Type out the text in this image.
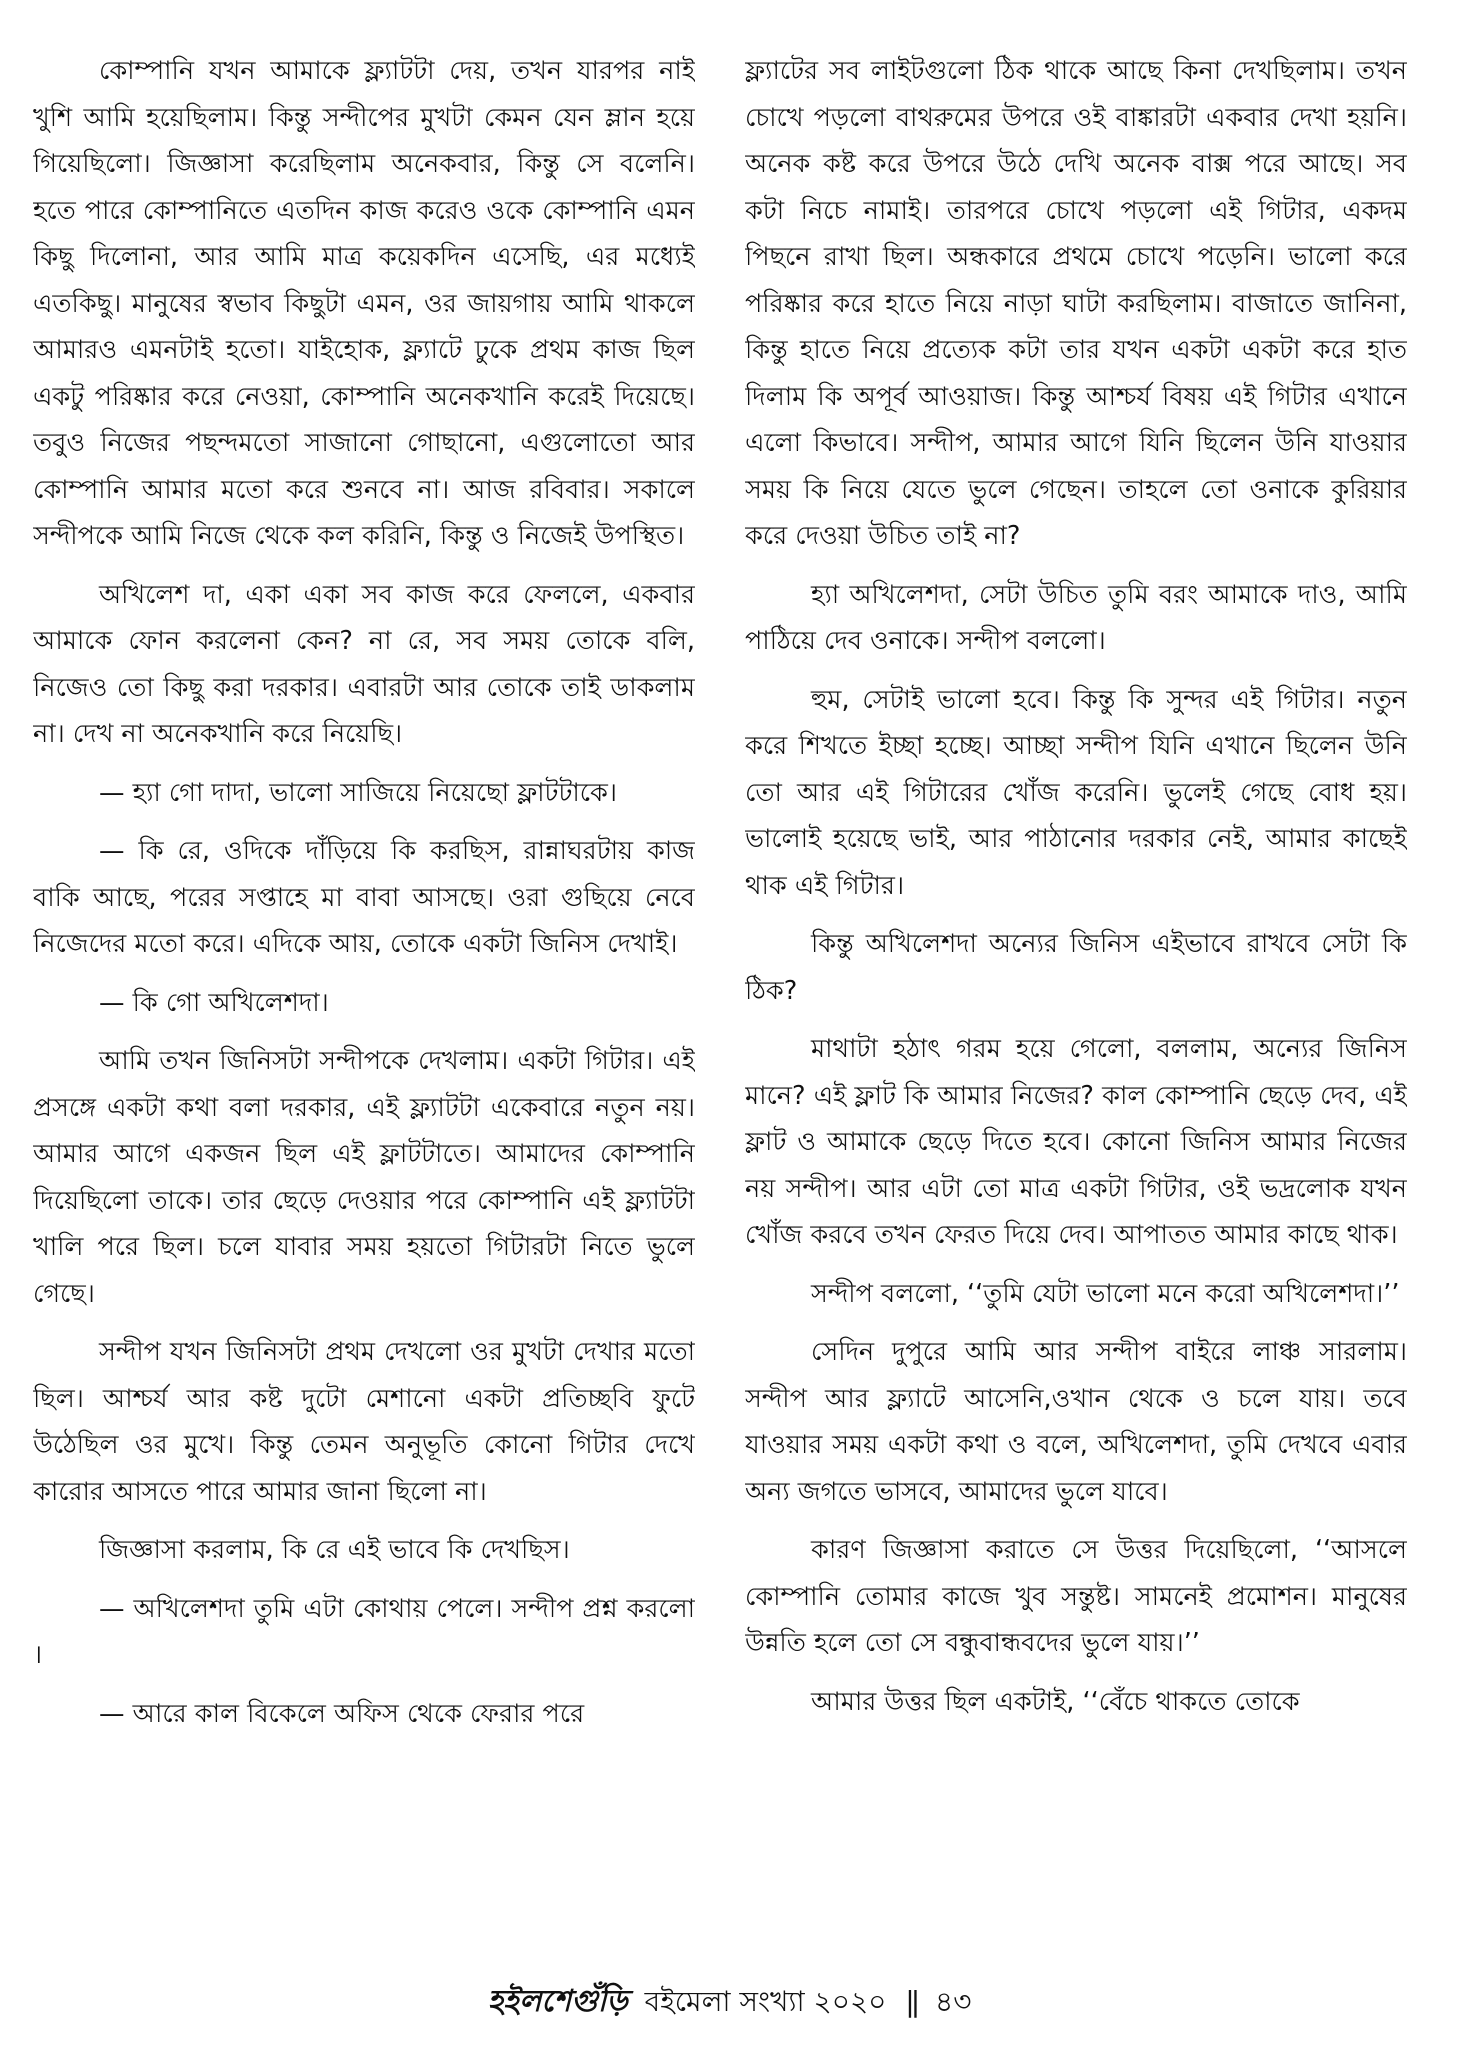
কোম্পানি যখন আমাকে ফ্ল্যাটটা দেয়, তখন যারপর নাই খুশি আমি হয়েছিলাম। কিন্তু সন্দীপের মুখটা কেমন যেন ম্লান হয়ে গিয়েছিলো। জিজ্ঞাসা করেছিলাম অনেকবার, কিন্তু সে বলেনি। হতে পারে কোম্পানিতে এতদিন কাজ করেও ওকে কোম্পানি এমন কিছু দিলোনা, আর আমি মাত্র কয়েকদিন এসেছি, এর মধ্যেই এতকিছু। মানুষের স্বভাব কিছুটা এমন, ওর জায়গায় আমি থাকলে আমারও এমনটাই হতো। যাইহোক, ফ্ল্যাটে ঢুকে প্রথম কাজ ছিল একটু পরিষ্কার করে নেওয়া, কোম্পানি অনেকখানি করেই দিয়েছে। তবুও নিজের পছন্দমতো সাজানো গোছানো, এগুলোতো আর কোম্পানি আমার মতো করে শুনবে না। আজ রবিবার। সকালে সন্দীপকে আমি নিজে থেকে কল করিনি, কিন্তু ও নিজেই উপস্থিত।

অখিলেশ দা, একা একা সব কাজ করে ফেললে, একবার আমাকে ফোন করলেনা কেন? না রে, সব সময় তোকে বলি, নিজেও তো কিছু করা দরকার। এবারটা আর তোকে তাই ডাকলাম না। দেখ না অনেকখানি করে নিয়েছি।

— হ্যা গো দাদা, ভালো সাজিয়ে নিয়েছো ফ্লাটটাকে।

— কি রে, ওদিকে দাঁড়িয়ে কি করছিস, রান্নাঘরটায় কাজ বাকি আছে, পরের সপ্তাহে মা বাবা আসছে। ওরা গুছিয়ে নেবে নিজেদের মতো করে। এদিকে আয়, তোকে একটা জিনিস দেখাই।

— কি গো অখিলেশদা।

আমি তখন জিনিসটা সন্দীপকে দেখলাম। একটা গিটার। এই প্রসঙ্গে একটা কথা বলা দরকার, এই ফ্ল্যাটটা একেবারে নতুন নয়। আমার আগে একজন ছিল এই ফ্লাটটাতে। আমাদের কোম্পানি দিয়েছিলো তাকে। তার ছেড়ে দেওয়ার পরে কোম্পানি এই ফ্ল্যাটটা খালি পরে ছিল। চলে যাবার সময় হয়তো গিটারটা নিতে ভুলে গেছে।

সন্দীপ যখন জিনিসটা প্রথম দেখলো ওর মুখটা দেখার মতো ছিল। আশ্চর্য আর কষ্ট দুটো মেশানো একটা প্রতিচ্ছবি ফুটে উঠেছিল ওর মুখে। কিন্তু তেমন অনুভূতি কোনো গিটার দেখে কারোর আসতে পারে আমার জানা ছিলো না।

জিজ্ঞাসা করলাম, কি রে এই ভাবে কি দেখছিস।

— অখিলেশদা তুমি এটা কোথায় পেলে। সন্দীপ প্রশ্ন করলো ।

— আরে কাল বিকেলে অফিস থেকে ফেরার পরে

ফ্ল্যাটের সব লাইটগুলো ঠিক থাকে আছে কিনা দেখছিলাম। তখন চোখে পড়লো বাথরুমের উপরে ওই বাঙ্কারটা একবার দেখা হয়নি। অনেক কষ্ট করে উপরে উঠে দেখি অনেক বাক্স পরে আছে। সব কটা নিচে নামাই। তারপরে চোখে পড়লো এই গিটার, একদম পিছনে রাখা ছিল। অন্ধকারে প্রথমে চোখে পড়েনি। ভালো করে পরিষ্কার করে হাতে নিয়ে নাড়া ঘাটা করছিলাম। বাজাতে জানিনা, কিন্তু হাতে নিয়ে প্রত্যেক কটা তার যখন একটা একটা করে হাত দিলাম কি অপূর্ব আওয়াজ। কিন্তু আশ্চর্য বিষয় এই গিটার এখানে এলো কিভাবে। সন্দীপ, আমার আগে যিনি ছিলেন উনি যাওয়ার সময় কি নিয়ে যেতে ভুলে গেছেন। তাহলে তো ওনাকে কুরিয়ার করে দেওয়া উচিত তাই না?

হ্যা অখিলেশদা, সেটা উচিত তুমি বরং আমাকে দাও, আমি পাঠিয়ে দেব ওনাকে। সন্দীপ বললো।

হুম, সেটাই ভালো হবে। কিন্তু কি সুন্দর এই গিটার। নতুন করে শিখতে ইচ্ছা হচ্ছে। আচ্ছা সন্দীপ যিনি এখানে ছিলেন উনি তো আর এই গিটারের খোঁজ করেনি। ভুলেই গেছে বোধ হয়। ভালোই হয়েছে ভাই, আর পাঠানোর দরকার নেই, আমার কাছেই থাক এই গিটার।

কিন্তু অখিলেশদা অন্যের জিনিস এইভাবে রাখবে সেটা কি ঠিক?

মাথাটা হঠাৎ গরম হয়ে গেলো, বললাম, অন্যের জিনিস মানে? এই ফ্লাট কি আমার নিজের? কাল কোম্পানি ছেড়ে দেব, এই ফ্লাট ও আমাকে ছেড়ে দিতে হবে। কোনো জিনিস আমার নিজের নয় সন্দীপ। আর এটা তো মাত্র একটা গিটার, ওই ভদ্রলোক যখন খোঁজ করবে তখন ফেরত দিয়ে দেব। আপাতত আমার কাছে থাক।

সন্দীপ বললো, ‘‘তুমি যেটা ভালো মনে করো অখিলেশদা।’’

সেদিন দুপুরে আমি আর সন্দীপ বাইরে লাঞ্চ সারলাম। সন্দীপ আর ফ্ল্যাটে আসেনি,ওখান থেকে ও চলে যায়। তবে যাওয়ার সময় একটা কথা ও বলে, অখিলেশদা, তুমি দেখবে এবার অন্য জগতে ভাসবে, আমাদের ভুলে যাবে।

কারণ জিজ্ঞাসা করাতে সে উত্তর দিয়েছিলো, ‘‘আসলে কোম্পানি তোমার কাজে খুব সন্তুষ্ট। সামনেই প্রমোশন। মানুষের উন্নতি হলে তো সে বন্ধুবান্ধবদের ভুলে যায়।’’

আমার উত্তর ছিল একটাই, ‘‘বেঁচে থাকতে তোকে

হইলশেগুঁড়ি বইমেলা সংখ্যা ২০২০ || ৪৩
